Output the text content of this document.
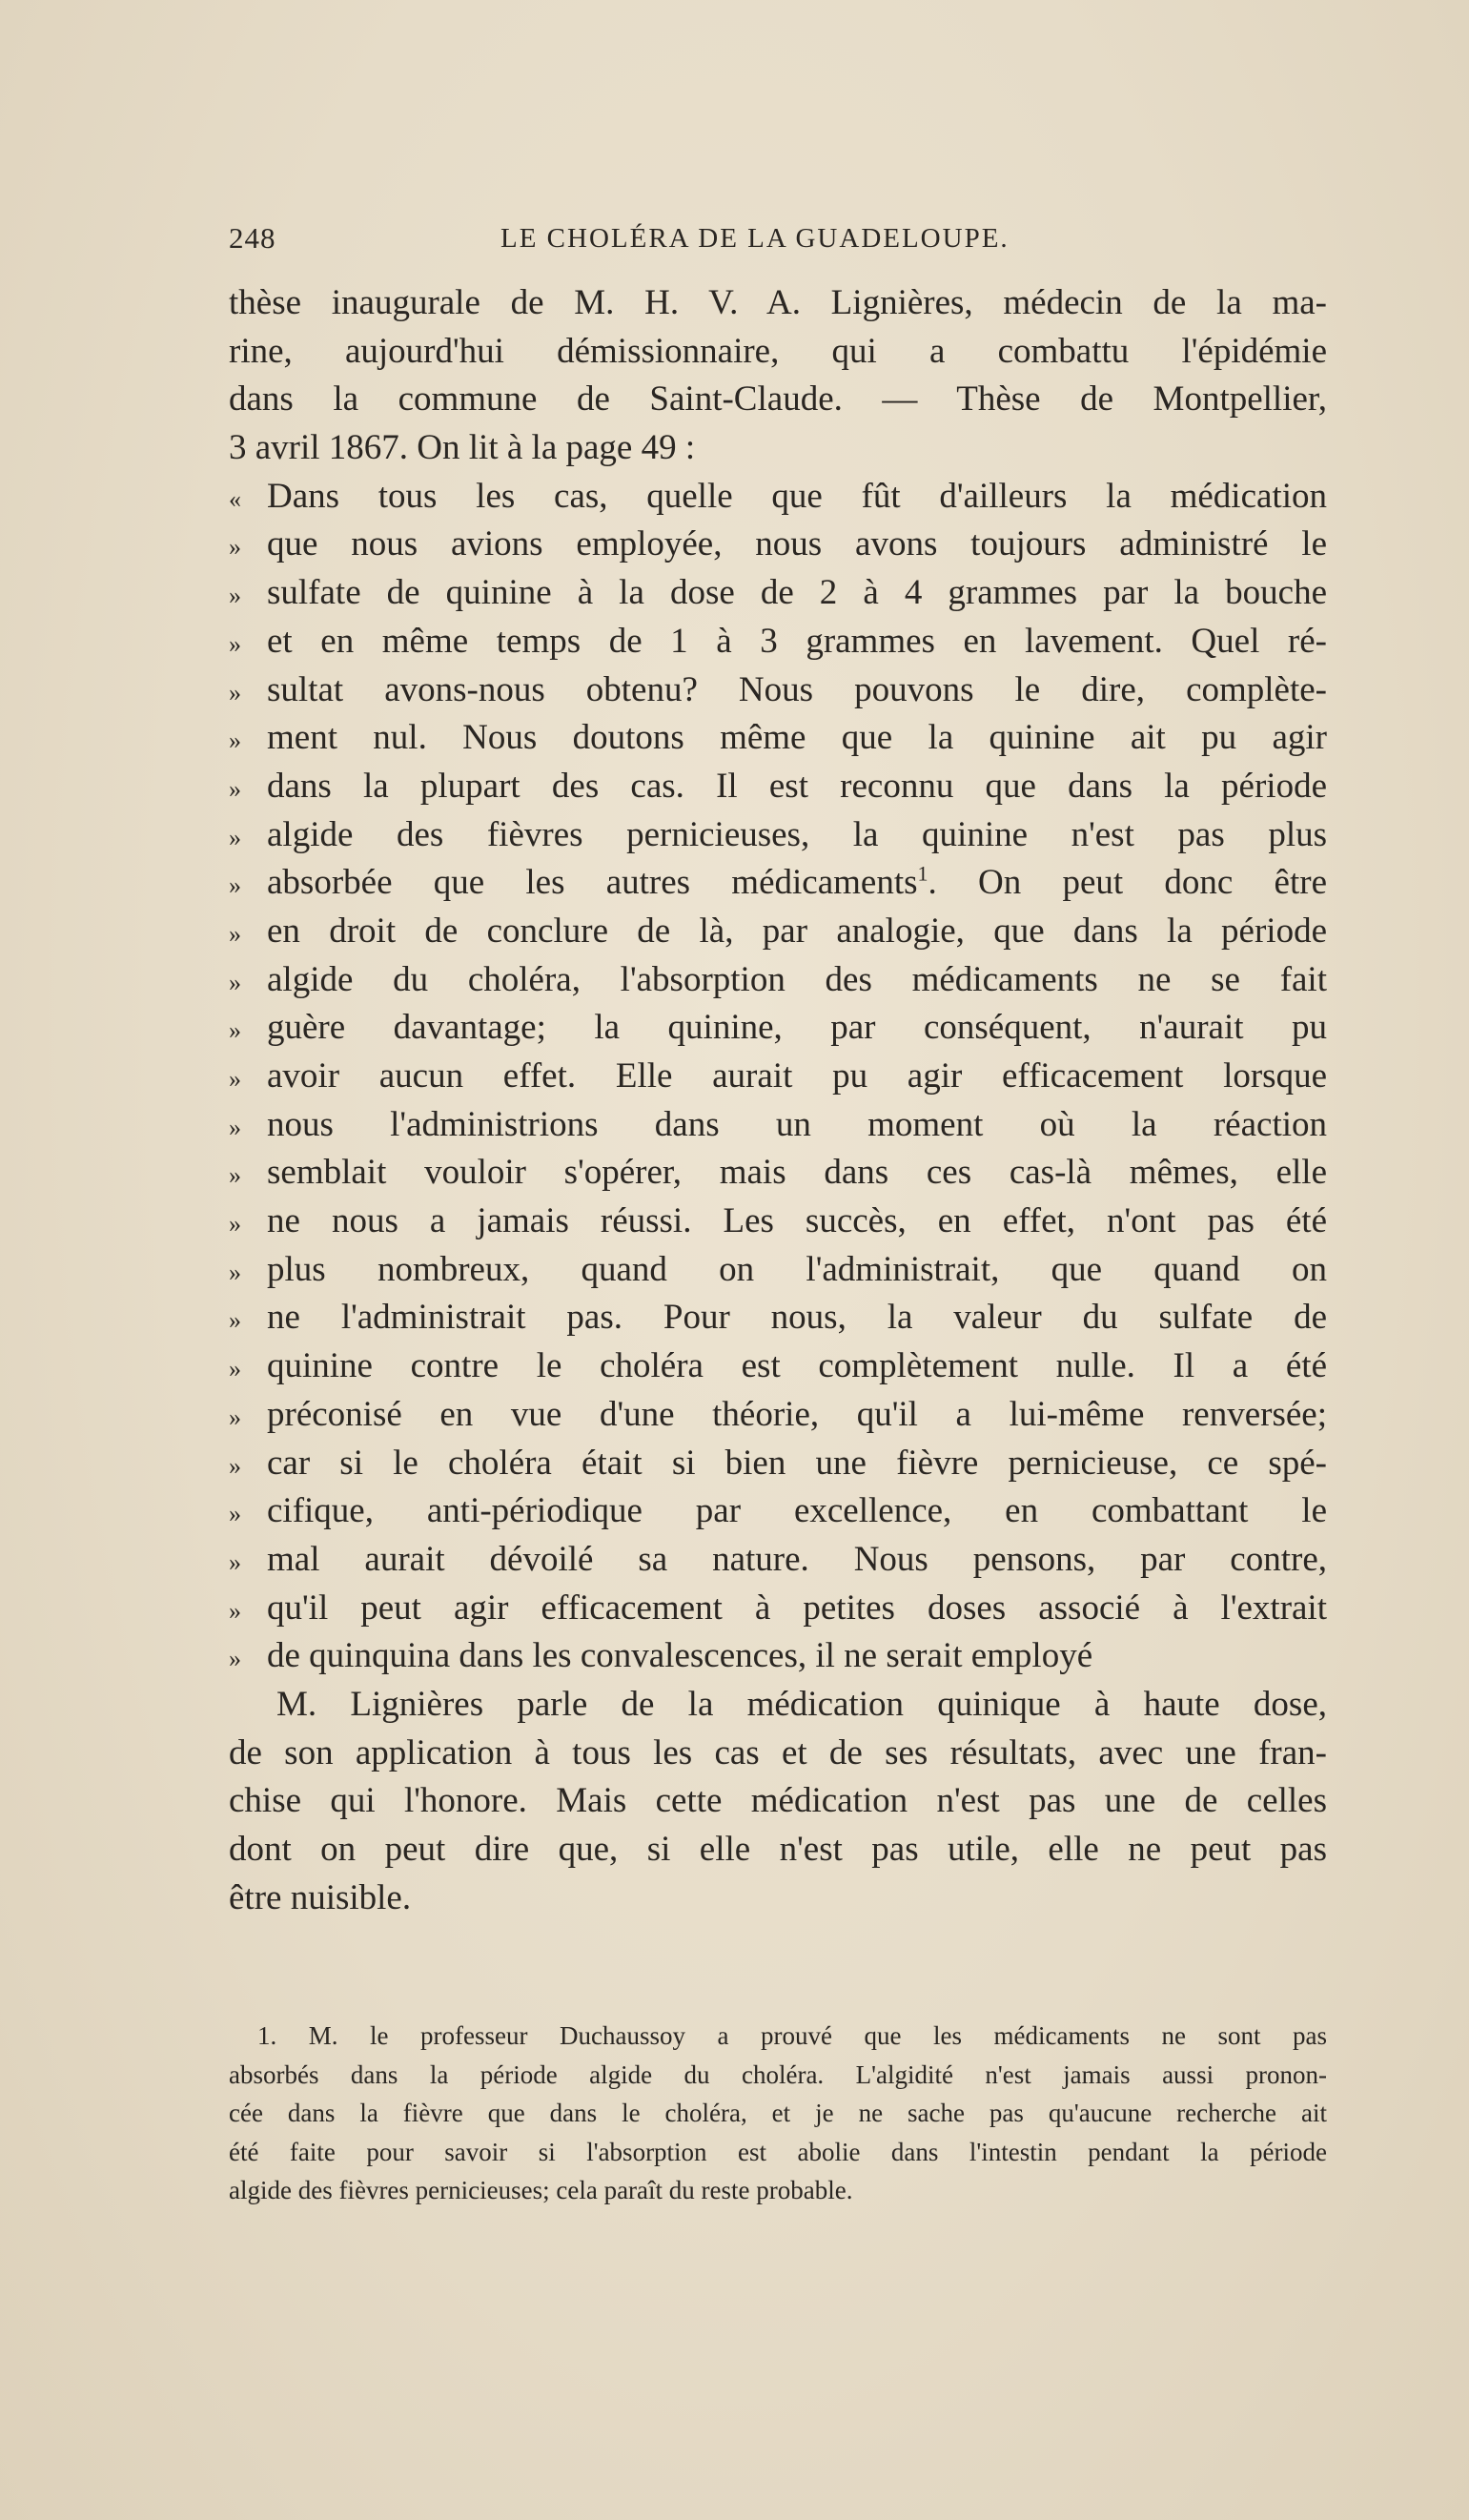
248	LE CHOLÉRA DE LA GUADELOUPE.
thèse inaugurale de M. H. V. A. Lignières, médecin de la ma-
rine, aujourd'hui démissionnaire, qui a combattu l'épidémie
dans la commune de Saint-Claude. — Thèse de Montpellier,
3 avril 1867. On lit à la page 49 :
« Dans tous les cas, quelle que fût d'ailleurs la médication
» que nous avions employée, nous avons toujours administré le
» sulfate de quinine à la dose de 2 à 4 grammes par la bouche
» et en même temps de 1 à 3 grammes en lavement. Quel ré-
» sultat avons-nous obtenu? Nous pouvons le dire, complète-
» ment nul. Nous doutons même que la quinine ait pu agir
» dans la plupart des cas. Il est reconnu que dans la période
» algide des fièvres pernicieuses, la quinine n'est pas plus
» absorbée que les autres médicaments$^1$. On peut donc être
» en droit de conclure de là, par analogie, que dans la période
» algide du choléra, l'absorption des médicaments ne se fait
» guère davantage; la quinine, par conséquent, n'aurait pu
» avoir aucun effet. Elle aurait pu agir efficacement lorsque
» nous l'administrions dans un moment où la réaction
» semblait vouloir s'opérer, mais dans ces cas-là mêmes, elle
» ne nous a jamais réussi. Les succès, en effet, n'ont pas été
» plus nombreux, quand on l'administrait, que quand on
» ne l'administrait pas. Pour nous, la valeur du sulfate de
» quinine contre le choléra est complètement nulle. Il a été
» préconisé en vue d'une théorie, qu'il a lui-même renversée;
» car si le choléra était si bien une fièvre pernicieuse, ce spé-
» cifique, anti-périodique par excellence, en combattant le
» mal aurait dévoilé sa nature. Nous pensons, par contre,
» qu'il peut agir efficacement à petites doses associé à l'extrait
» de quinquina dans les convalescences, il ne serait employé
M. Lignières parle de la médication quinique à haute dose,
de son application à tous les cas et de ses résultats, avec une fran-
chise qui l'honore. Mais cette médication n'est pas une de celles
dont on peut dire que, si elle n'est pas utile, elle ne peut pas
être nuisible.
1. M. le professeur Duchaussoy a prouvé que les médicaments ne sont pas
absorbés dans la période algide du choléra. L'algidité n'est jamais aussi pronon-
cée dans la fièvre que dans le choléra, et je ne sache pas qu'aucune recherche ait
été faite pour savoir si l'absorption est abolie dans l'intestin pendant la période
algide des fièvres pernicieuses; cela paraît du reste probable.
